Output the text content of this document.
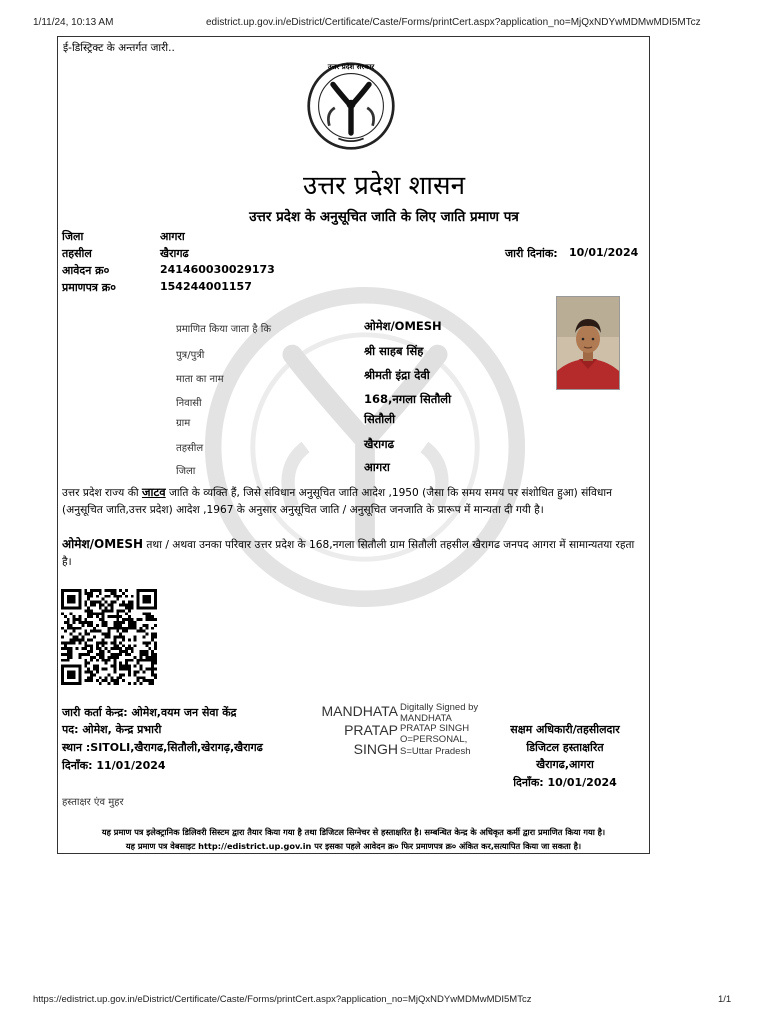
1/11/24, 10:13 AM	edistrict.up.gov.in/eDistrict/Certificate/Caste/Forms/printCert.aspx?application_no=MjQxNDYwMDMwMDI5MTcz
https://edistrict.up.gov.in/eDistrict/Certificate/Caste/Forms/printCert.aspx?application_no=MjQxNDYwMDMwMDI5MTcz	1/1
ई-डिस्ट्रिक्ट के अन्तर्गत जारी..
उत्तर प्रदेश सरकार
उत्तर प्रदेश शासन
उत्तर प्रदेश के अनुसूचित जाति के लिए जाति प्रमाण पत्र
जिला	आगरा
तहसील	खैरागढ	जारी दिनांक: 10/01/2024
आवेदन क्र०	241460030029173
प्रमाणपत्र क्र०	154244001157
प्रमाणित किया जाता है कि	ओमेश/OMESH
पुत्र/पुत्री	श्री साहब सिंह
माता का नाम	श्रीमती इंद्रा देवी
निवासी	168,नगला सितौली
ग्राम	सितौली
तहसील	खैरागढ
जिला	आगरा
उत्तर प्रदेश राज्य की जाटव जाति के व्यक्ति हैं, जिसे संविधान अनुसूचित जाति आदेश ,1950 (जैसा कि समय समय पर संशोधित हुआ) संविधान (अनुसूचित जाति,उत्तर प्रदेश) आदेश ,1967 के अनुसार अनुसूचित जाति / अनुसूचित जनजाति के प्रारूप में मान्यता दी गयी है।
ओमेश/OMESH तथा / अथवा उनका परिवार उत्तर प्रदेश के 168,नगला सितौली ग्राम सितौली तहसील खैरागढ जनपद आगरा में सामान्यतया रहता है।
जारी कर्ता केन्द्र: ओमेश,वयम जन सेवा केंद्र
पद: ओमेश, केन्द्र प्रभारी
स्थान :SITOLI,खैरागढ,सितौली,खेरागढ़,खैरागढ
दिनाँक: 11/01/2024
हस्ताक्षर एंव मुहर
MANDHATA
PRATAP
SINGH
Digitally Signed by
MANDHATA
PRATAP SINGH
O=PERSONAL,
S=Uttar Pradesh
सक्षम अधिकारी/तहसीलदार
डिजिटल हस्ताक्षरित
खैरागढ,आगरा
दिनाँक: 10/01/2024
यह प्रमाण पत्र इलेक्ट्रानिक डिलिवरी सिस्टम द्वारा तैयार किया गया है तथा डिजिटल सिग्नेचर से हस्ताक्षरित है। सम्बन्धित केन्द्र के अधिकृत कर्मी द्वारा प्रमाणित किया गया है।
यह प्रमाण पत्र वेबसाइट http://edistrict.up.gov.in पर इसका पहले आवेदन क्र० फिर प्रमाणपत्र क्र० अंकित कर,सत्यापित किया जा सकता है।
